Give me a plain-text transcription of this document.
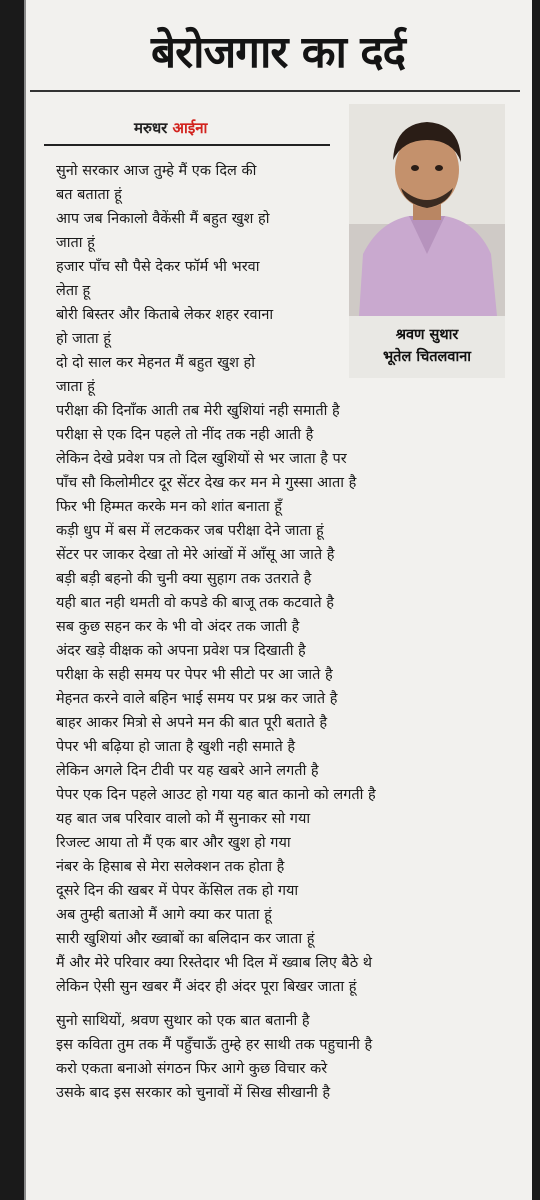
बेरोजगार का दर्द
मरुधर आईना
श्रवण सुथार
भूतेल चितलवाना
सुनो सरकार आज तुम्हे मैं एक दिल की
बत बताता हूं
आप जब निकालो वैकेंसी मैं बहुत खुश हो
जाता हूं
हजार पाँच सौ पैसे देकर फॉर्म भी भरवा
लेता हू
बोरी बिस्तर और किताबे लेकर शहर रवाना
हो जाता हूं
दो दो साल कर मेहनत मैं बहुत खुश हो
जाता हूं
परीक्षा की दिनाँक आती तब मेरी खुशियां नही समाती है
परीक्षा से एक दिन पहले तो नींद तक नही आती है
लेकिन देखे प्रवेश पत्र तो दिल खुशियों से भर जाता है पर
पाँच सौ किलोमीटर दूर सेंटर देख कर मन मे गुस्सा आता है
फिर भी हिम्मत करके मन को शांत बनाता हूँ
कड़ी धुप में बस में लटककर जब परीक्षा देने जाता हूं
सेंटर पर जाकर देखा तो मेरे आंखों में आँसू आ जाते है
बड़ी बड़ी बहनो की चुनी क्या सुहाग तक उतराते है
यही बात नही थमती वो कपडे की बाजू तक कटवाते है
सब कुछ सहन कर के भी वो अंदर तक जाती है
अंदर खड़े वीक्षक को अपना प्रवेश पत्र दिखाती है
परीक्षा के सही समय पर पेपर भी सीटो पर आ जाते है
मेहनत करने वाले बहिन भाई समय पर प्रश्न कर जाते है
बाहर आकर मित्रो से अपने मन की बात पूरी बताते है
पेपर भी बढ़िया हो जाता है खुशी नही समाते है
लेकिन अगले दिन टीवी पर यह खबरे आने लगती है
पेपर एक दिन पहले आउट हो गया यह बात कानो को लगती है
यह बात जब परिवार वालो को मैं सुनाकर सो गया
रिजल्ट आया तो मैं एक बार और खुश हो गया
नंबर के हिसाब से मेरा सलेक्शन तक होता है
दूसरे दिन की खबर में पेपर केंसिल तक हो गया
अब तुम्ही बताओ मैं आगे क्या कर पाता हूं
सारी खुशियां और ख्वाबों का बलिदान कर जाता हूं
मैं और मेरे परिवार क्या रिस्तेदार भी दिल में ख्वाब लिए बैठे थे
लेकिन ऐसी सुन खबर मैं अंदर ही अंदर पूरा बिखर जाता हूं
सुनो साथियों, श्रवण सुथार को एक बात बतानी है
इस कविता तुम तक मैं पहुँचाऊँ तुम्हे हर साथी तक पहुचानी है
करो एकता बनाओ संगठन फिर आगे कुछ विचार करे
उसके बाद इस सरकार को चुनावों में सिख सीखानी है
